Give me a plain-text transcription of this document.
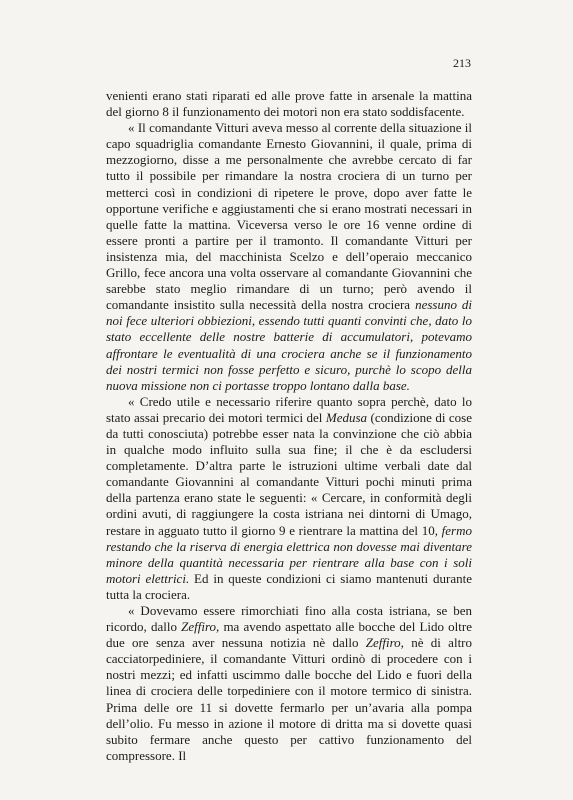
213

venienti erano stati riparati ed alle prove fatte in arsenale la mattina del giorno 8 il funzionamento dei motori non era stato soddisfacente.

« Il comandante Vitturi aveva messo al corrente della situazione il capo squadriglia comandante Ernesto Giovannini, il quale, prima di mezzogiorno, disse a me personalmente che avrebbe cercato di far tutto il possibile per rimandare la nostra crociera di un turno per metterci così in condizioni di ripetere le prove, dopo aver fatte le opportune verifiche e aggiustamenti che si erano mostrati necessari in quelle fatte la mattina. Viceversa verso le ore 16 venne ordine di essere pronti a partire per il tramonto. Il comandante Vitturi per insistenza mia, del macchinista Scelzo e dell’operaio meccanico Grillo, fece ancora una volta osservare al comandante Giovannini che sarebbe stato meglio rimandare di un turno; però avendo il comandante insistito sulla necessità della nostra crociera nessuno di noi fece ulteriori obbiezioni, essendo tutti quanti convinti che, dato lo stato eccellente delle nostre batterie di accumulatori, potevamo affrontare le eventualità di una crociera anche se il funzionamento dei nostri termici non fosse perfetto e sicuro, purchè lo scopo della nuova missione non ci portasse troppo lontano dalla base.

« Credo utile e necessario riferire quanto sopra perchè, dato lo stato assai precario dei motori termici del Medusa (condizione di cose da tutti conosciuta) potrebbe esser nata la convinzione che ciò abbia in qualche modo influito sulla sua fine; il che è da escludersi completamente. D’altra parte le istruzioni ultime verbali date dal comandante Giovannini al comandante Vitturi pochi minuti prima della partenza erano state le seguenti: « Cercare, in conformità degli ordini avuti, di raggiungere la costa istriana nei dintorni di Umago, restare in agguato tutto il giorno 9 e rientrare la mattina del 10, fermo restando che la riserva di energia elettrica non dovesse mai diventare minore della quantità necessaria per rientrare alla base con i soli motori elettrici. Ed in queste condizioni ci siamo mantenuti durante tutta la crociera.

« Dovevamo essere rimorchiati fino alla costa istriana, se ben ricordo, dallo Zeffiro, ma avendo aspettato alle bocche del Lido oltre due ore senza aver nessuna notizia nè dallo Zeffiro, nè di altro cacciatorpediniere, il comandante Vitturi ordinò di procedere con i nostri mezzi; ed infatti uscimmo dalle bocche del Lido e fuori della linea di crociera delle torpediniere con il motore termico di sinistra. Prima delle ore 11 si dovette fermarlo per un’avaria alla pompa dell’olio. Fu messo in azione il motore di dritta ma si dovette quasi subito fermare anche questo per cattivo funzionamento del compressore. Il
